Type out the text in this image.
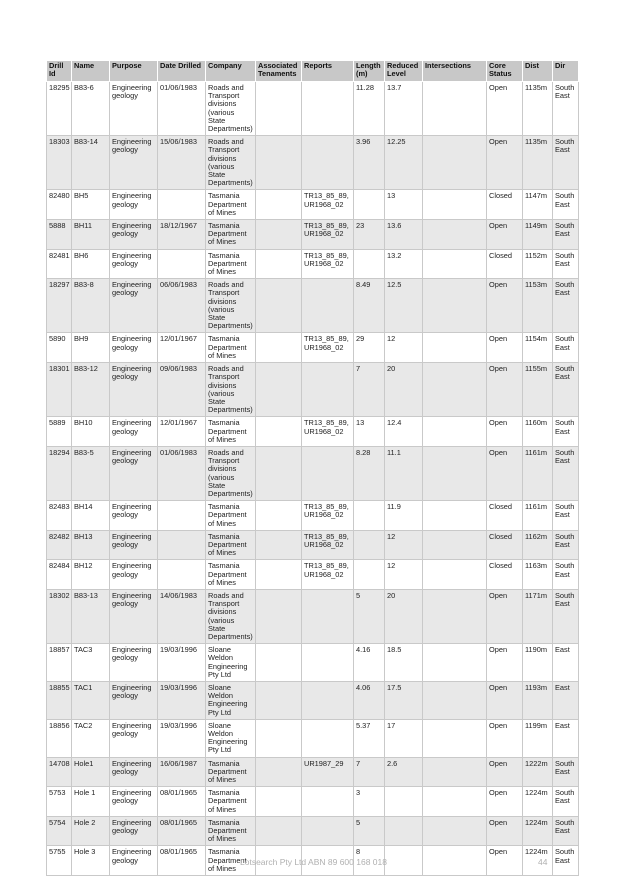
Drill Id	Name	Purpose	Date Drilled	Company	Associated Tenaments	Reports	Length (m)	Reduced Level	Intersections	Core Status	Dist	Dir
18295	B83-6	Engineering geology	01/06/1983	Roads and Transport divisions (various State Departments)			11.28	13.7		Open	1135m	South East
18303	B83-14	Engineering geology	15/06/1983	Roads and Transport divisions (various State Departments)			3.96	12.25		Open	1135m	South East
82480	BH5	Engineering geology		Tasmania Department of Mines		TR13_85_89, UR1968_02		13		Closed	1147m	South East
5888	BH11	Engineering geology	18/12/1967	Tasmania Department of Mines		TR13_85_89, UR1968_02	23	13.6		Open	1149m	South East
82481	BH6	Engineering geology		Tasmania Department of Mines		TR13_85_89, UR1968_02		13.2		Closed	1152m	South East
18297	B83-8	Engineering geology	06/06/1983	Roads and Transport divisions (various State Departments)			8.49	12.5		Open	1153m	South East
5890	BH9	Engineering geology	12/01/1967	Tasmania Department of Mines		TR13_85_89, UR1968_02	29	12		Open	1154m	South East
18301	B83-12	Engineering geology	09/06/1983	Roads and Transport divisions (various State Departments)			7	20		Open	1155m	South East
5889	BH10	Engineering geology	12/01/1967	Tasmania Department of Mines		TR13_85_89, UR1968_02	13	12.4		Open	1160m	South East
18294	B83-5	Engineering geology	01/06/1983	Roads and Transport divisions (various State Departments)			8.28	11.1		Open	1161m	South East
82483	BH14	Engineering geology		Tasmania Department of Mines		TR13_85_89, UR1968_02		11.9		Closed	1161m	South East
82482	BH13	Engineering geology		Tasmania Department of Mines		TR13_85_89, UR1968_02		12		Closed	1162m	South East
82484	BH12	Engineering geology		Tasmania Department of Mines		TR13_85_89, UR1968_02		12		Closed	1163m	South East
18302	B83-13	Engineering geology	14/06/1983	Roads and Transport divisions (various State Departments)			5	20		Open	1171m	South East
18857	TAC3	Engineering geology	19/03/1996	Sloane Weldon Engineering Pty Ltd			4.16	18.5		Open	1190m	East
18855	TAC1	Engineering geology	19/03/1996	Sloane Weldon Engineering Pty Ltd			4.06	17.5		Open	1193m	East
18856	TAC2	Engineering geology	19/03/1996	Sloane Weldon Engineering Pty Ltd			5.37	17		Open	1199m	East
14708	Hole1	Engineering geology	16/06/1987	Tasmania Department of Mines		UR1987_29	7	2.6		Open	1222m	South East
5753	Hole 1	Engineering geology	08/01/1965	Tasmania Department of Mines			3			Open	1224m	South East
5754	Hole 2	Engineering geology	08/01/1965	Tasmania Department of Mines			5			Open	1224m	South East
5755	Hole 3	Engineering geology	08/01/1965	Tasmania Department of Mines			8			Open	1224m	South East
Lotsearch Pty Ltd ABN 89 600 168 018	44
